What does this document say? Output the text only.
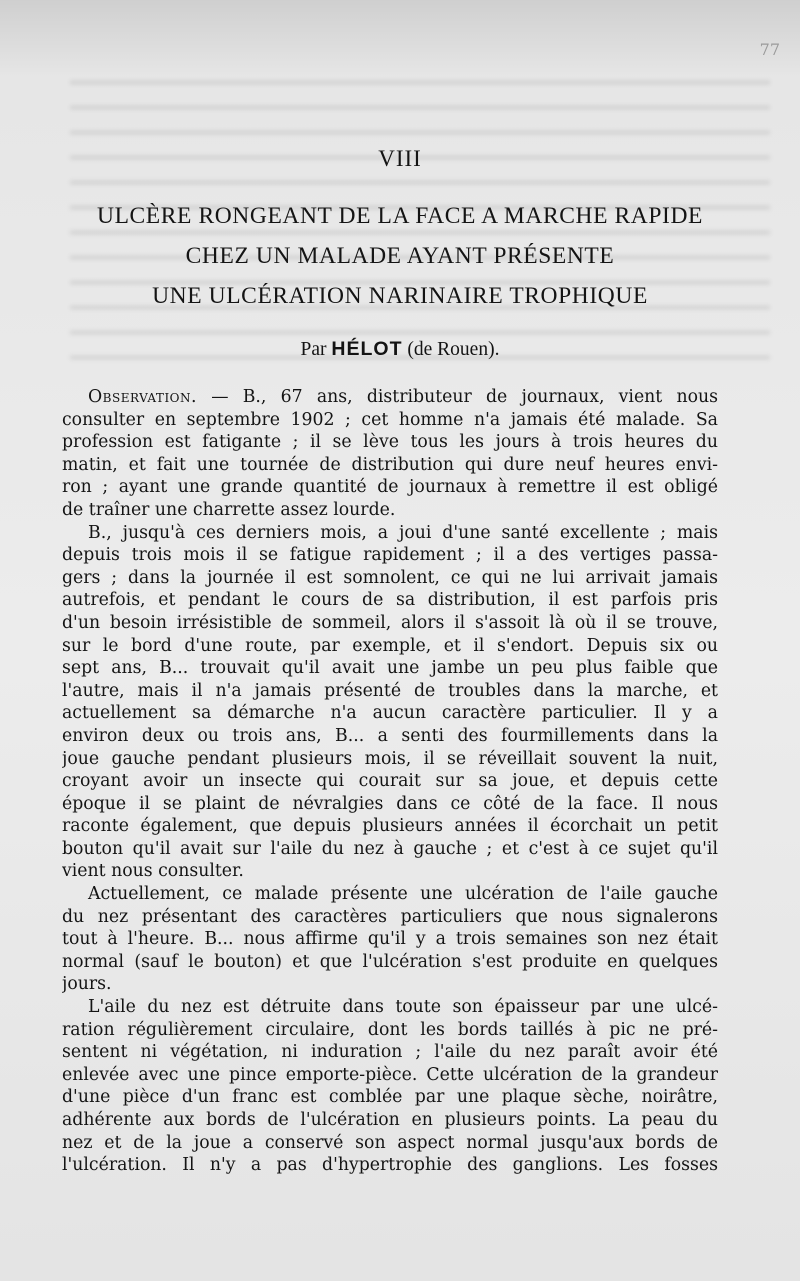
77
VIII
ULCÈRE RONGEANT DE LA FACE A MARCHE RAPIDE
CHEZ UN MALADE AYANT PRÉSENTE
UNE ULCÉRATION NARINAIRE TROPHIQUE
Par HÉLOT (de Rouen).
Observation. — B., 67 ans, distributeur de journaux, vient nous
consulter en septembre 1902 ; cet homme n'a jamais été malade. Sa
profession est fatigante ; il se lève tous les jours à trois heures du
matin, et fait une tournée de distribution qui dure neuf heures envi-
ron ; ayant une grande quantité de journaux à remettre il est obligé
de traîner une charrette assez lourde.
B., jusqu'à ces derniers mois, a joui d'une santé excellente ; mais
depuis trois mois il se fatigue rapidement ; il a des vertiges passa-
gers ; dans la journée il est somnolent, ce qui ne lui arrivait jamais
autrefois, et pendant le cours de sa distribution, il est parfois pris
d'un besoin irrésistible de sommeil, alors il s'assoit là où il se trouve,
sur le bord d'une route, par exemple, et il s'endort. Depuis six ou
sept ans, B... trouvait qu'il avait une jambe un peu plus faible que
l'autre, mais il n'a jamais présenté de troubles dans la marche, et
actuellement sa démarche n'a aucun caractère particulier. Il y a
environ deux ou trois ans, B... a senti des fourmillements dans la
joue gauche pendant plusieurs mois, il se réveillait souvent la nuit,
croyant avoir un insecte qui courait sur sa joue, et depuis cette
époque il se plaint de névralgies dans ce côté de la face. Il nous
raconte également, que depuis plusieurs années il écorchait un petit
bouton qu'il avait sur l'aile du nez à gauche ; et c'est à ce sujet qu'il
vient nous consulter.
Actuellement, ce malade présente une ulcération de l'aile gauche
du nez présentant des caractères particuliers que nous signalerons
tout à l'heure. B... nous affirme qu'il y a trois semaines son nez était
normal (sauf le bouton) et que l'ulcération s'est produite en quelques
jours.
L'aile du nez est détruite dans toute son épaisseur par une ulcé-
ration régulièrement circulaire, dont les bords taillés à pic ne pré-
sentent ni végétation, ni induration ; l'aile du nez paraît avoir été
enlevée avec une pince emporte-pièce. Cette ulcération de la grandeur
d'une pièce d'un franc est comblée par une plaque sèche, noirâtre,
adhérente aux bords de l'ulcération en plusieurs points. La peau du
nez et de la joue a conservé son aspect normal jusqu'aux bords de
l'ulcération. Il n'y a pas d'hypertrophie des ganglions. Les fosses
